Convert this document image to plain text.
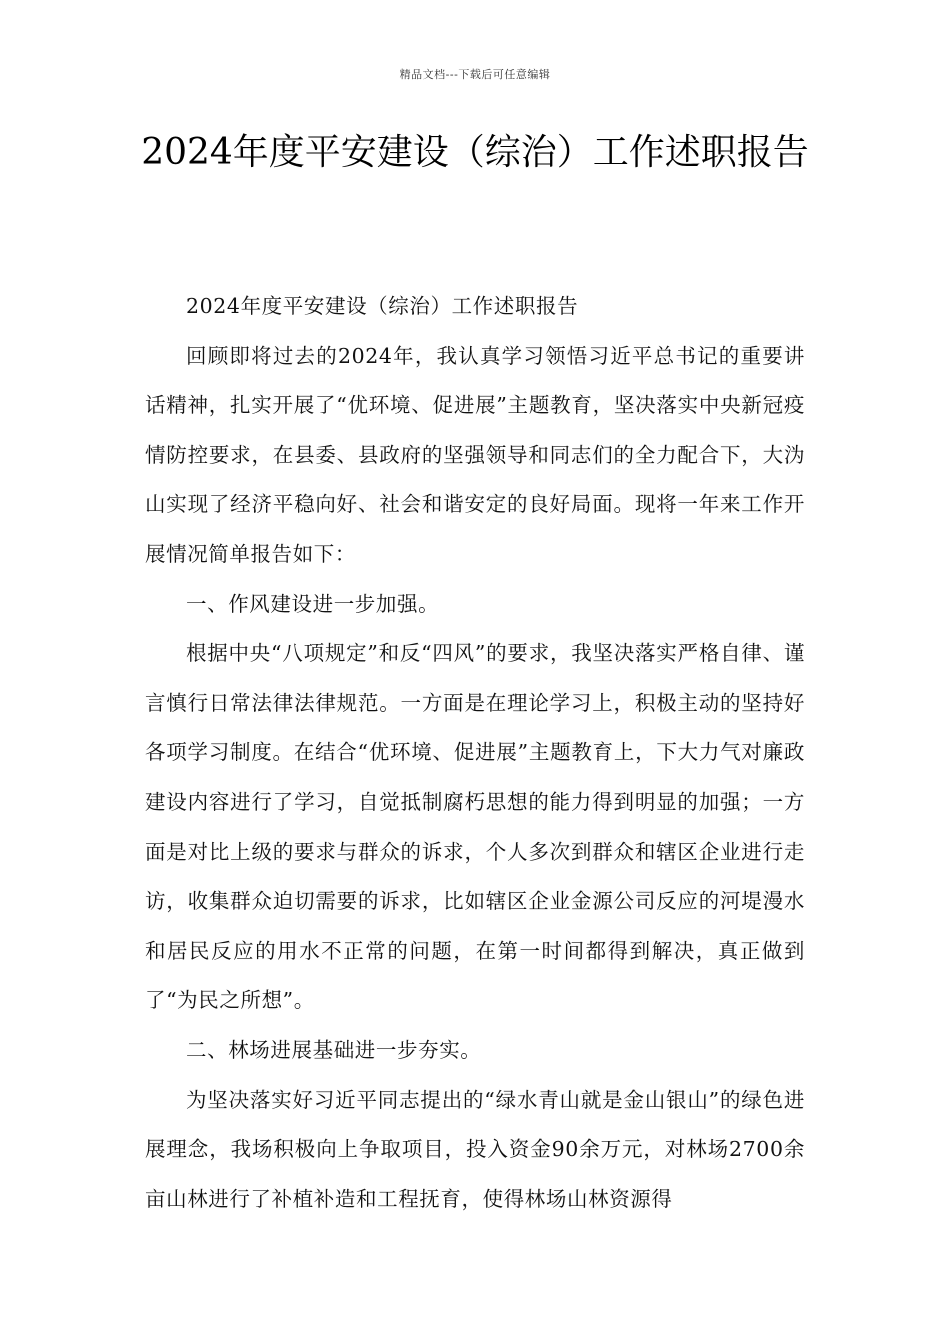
精品文档---下载后可任意编辑
2024年度平安建设（综治）工作述职报告

2024年度平安建设（综治）工作述职报告

回顾即将过去的2024年，我认真学习领悟习近平总书记的重要讲话精神，扎实开展了“优环境、促进展”主题教育，坚决落实中央新冠疫情防控要求，在县委、县政府的坚强领导和同志们的全力配合下，大沩山实现了经济平稳向好、社会和谐安定的良好局面。现将一年来工作开展情况简单报告如下：

一、作风建设进一步加强。

根据中央“八项规定”和反“四风”的要求，我坚决落实严格自律、谨言慎行日常法律法律规范。一方面是在理论学习上，积极主动的坚持好各项学习制度。在结合“优环境、促进展”主题教育上，下大力气对廉政建设内容进行了学习，自觉抵制腐朽思想的能力得到明显的加强；一方面是对比上级的要求与群众的诉求，个人多次到群众和辖区企业进行走访，收集群众迫切需要的诉求，比如辖区企业金源公司反应的河堤漫水和居民反应的用水不正常的问题，在第一时间都得到解决，真正做到了“为民之所想”。

二、林场进展基础进一步夯实。

为坚决落实好习近平同志提出的“绿水青山就是金山银山”的绿色进展理念，我场积极向上争取项目，投入资金90余万元，对林场2700余亩山林进行了补植补造和工程抚育，使得林场山林资源得
